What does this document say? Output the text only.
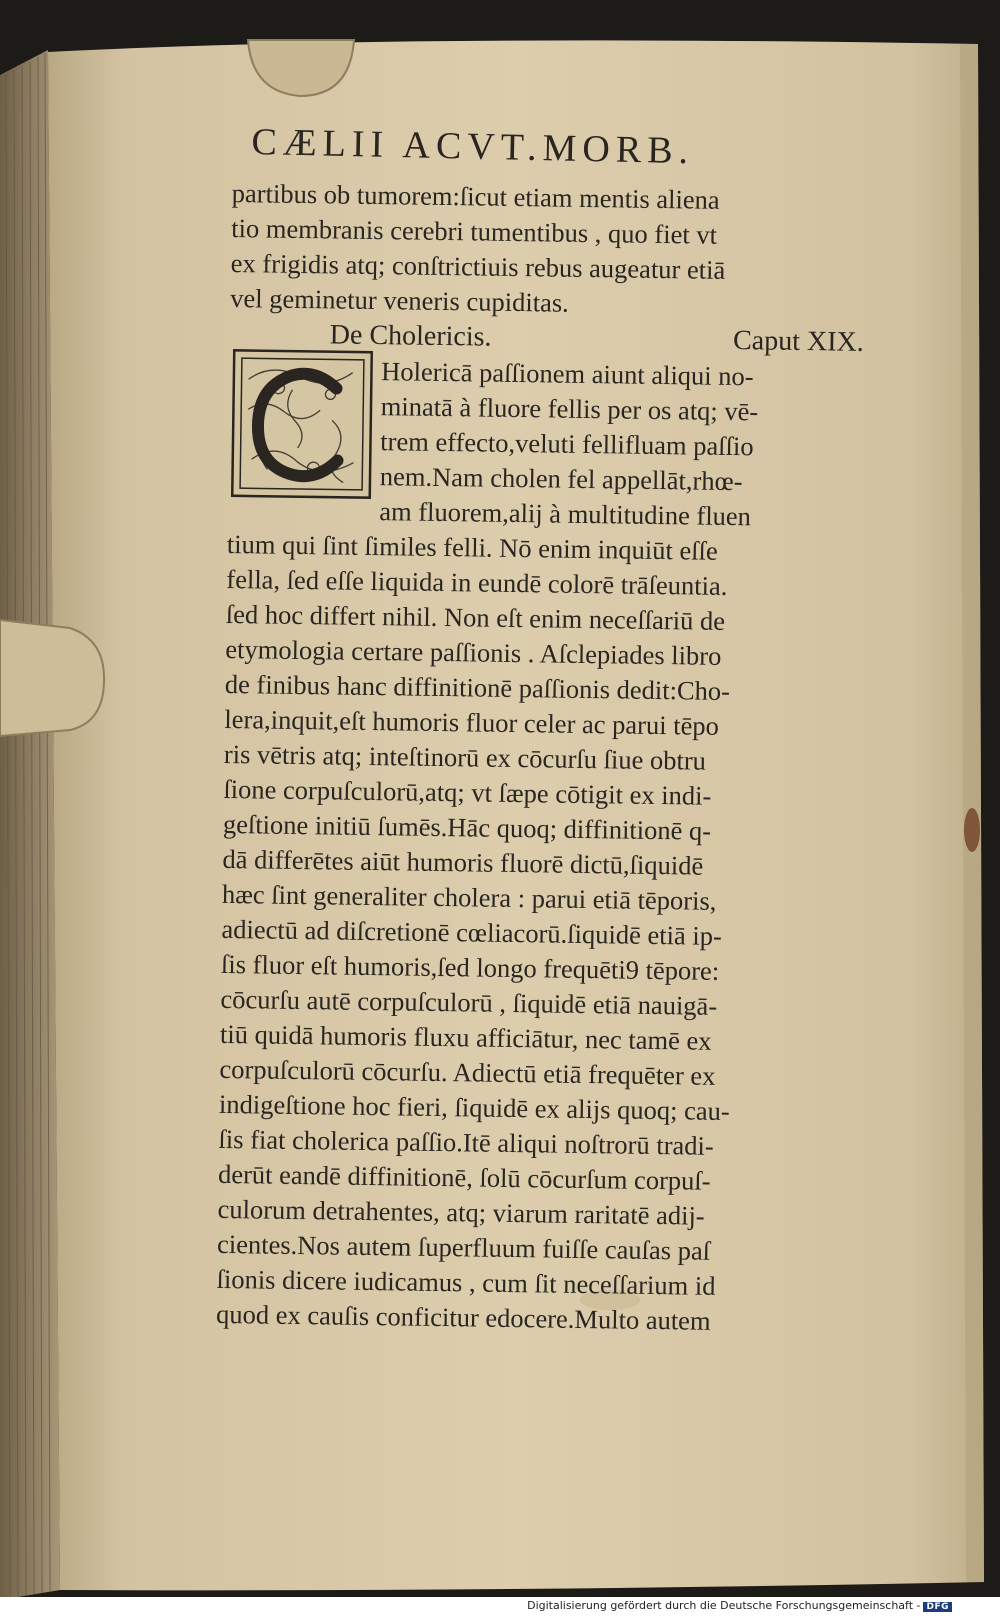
CÆLII ACVT.MORB.
partibus ob tumorem:ſicut etiam mentis aliena
tio membranis cerebri tumentibus , quo fiet vt
ex frigidis atq; conſtrictiuis rebus augeatur etiā
vel geminetur veneris cupiditas.
De Cholericis.	Caput XIX.
Holericā paſſionem aiunt aliqui no-
minatā à fluore fellis per os atq; vē-
trem effecto,veluti fellifluam paſſio
nem.Nam cholen fel appellāt,rhœ-
am fluorem,alij à multitudine fluen
tium qui ſint ſimiles felli. Nō enim inquiūt eſſe
fella, ſed eſſe liquida in eundē colorē trāſeuntia.
ſed hoc differt nihil. Non eſt enim neceſſariū de
etymologia certare paſſionis . Aſclepiades libro
de finibus hanc diffinitionē paſſionis dedit:Cho-
lera,inquit,eſt humoris fluor celer ac parui tēpo
ris vētris atq; inteſtinorū ex cōcurſu ſiue obtru
ſione corpuſculorū,atq; vt ſæpe cōtigit ex indi-
geſtione initiū ſumēs.Hāc quoq; diffinitionē q-
dā differētes aiūt humoris fluorē dictū,ſiquidē
hæc ſint generaliter cholera : parui etiā tēporis,
adiectū ad diſcretionē cœliacorū.ſiquidē etiā ip-
ſis fluor eſt humoris,ſed longo frequēti9 tēpore:
cōcurſu autē corpuſculorū , ſiquidē etiā nauigā-
tiū quidā humoris fluxu afficiātur, nec tamē ex
corpuſculorū cōcurſu. Adiectū etiā frequēter ex
indigeſtione hoc fieri, ſiquidē ex alijs quoq; cau-
ſis fiat cholerica paſſio.Itē aliqui noſtrorū tradi-
derūt eandē diffinitionē, ſolū cōcurſum corpuſ-
culorum detrahentes, atq; viarum raritatē adij-
cientes.Nos autem ſuperfluum fuiſſe cauſas paſ
ſionis dicere iudicamus , cum ſit neceſſarium id
quod ex cauſis conficitur edocere.Multo autem
Digitalisierung gefördert durch die Deutsche Forschungsgemeinschaft - DFG
